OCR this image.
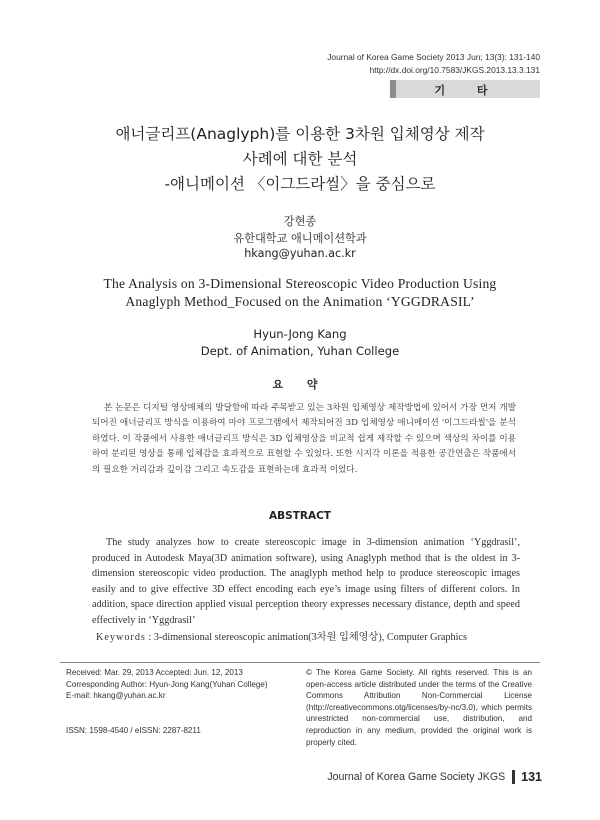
Journal of Korea Game Society 2013 Jun; 13(3): 131-140
http://dx.doi.org/10.7583/JKGS.2013.13.3.131
기 타
애너글리프(Anaglyph)를 이용한 3차원 입체영상 제작
사례에 대한 분석
-애니메이션 〈이그드라씰〉을 중심으로
강현종
유한대학교 애니메이션학과
hkang@yuhan.ac.kr
The Analysis on 3-Dimensional Stereoscopic Video Production Using
Anaglyph Method_Focused on the Animation ‘YGGDRASIL’
Hyun-Jong Kang
Dept. of Animation, Yuhan College
요 약

본 논문은 디지털 영상매체의 발달함에 따라 주목받고 있는 3차원 입체영상 제작방법에 있어서 가장 먼저 개발되어진 애너글리프 방식을 이용하여 마야 프로그램에서 제작되어진 3D 입체영상 애니메이션 '이그드라씰'을 분석하였다. 이 작품에서 사용한 애너글리프 방식은 3D 입체영상을 비교적 쉽게 제작할 수 있으며 색상의 차이를 이용하여 분리된 영상을 통해 입체감을 효과적으로 표현할 수 있었다. 또한 시지각 이론을 적용한 공간연출은 작품에서의 필요한 거리감과 깊이감 그리고 속도감을 표현하는데 효과적 이었다.

ABSTRACT

The study analyzes how to create stereoscopic image in 3-dimension animation ‘Yggdrasil’, produced in Autodesk Maya(3D animation software), using Anaglyph method that is the oldest in 3-dimension stereoscopic video production. The anaglyph method help to produce stereoscopic images easily and to give effective 3D effect encoding each eye’s image using filters of different colors. In addition, space direction applied visual perception theory expresses necessary distance, depth and speed effectively in ‘Yggdrasil’

Keywords : 3-dimensional stereoscopic animation(3차원 입체영상), Computer Graphics
Received: Mar. 29, 2013 Accepted: Jun. 12, 2013
Corresponding Author: Hyun-Jong Kang(Yuhan College)
E-mail: hkang@yuhan.ac.kr
ISSN: 1598-4540 / eISSN: 2287-8211
© The Korea Game Society. All rights reserved. This is an open-access article distributed under the terms of the Creative Commons Attribution Non-Commercial License (http://creativecommons.otg/licenses/by-nc/3.0), which permits unrestricted non-commercial use, distribution, and reproduction in any medium, provided the original work is properly cited.
Journal of Korea Game Society JKGS 131
